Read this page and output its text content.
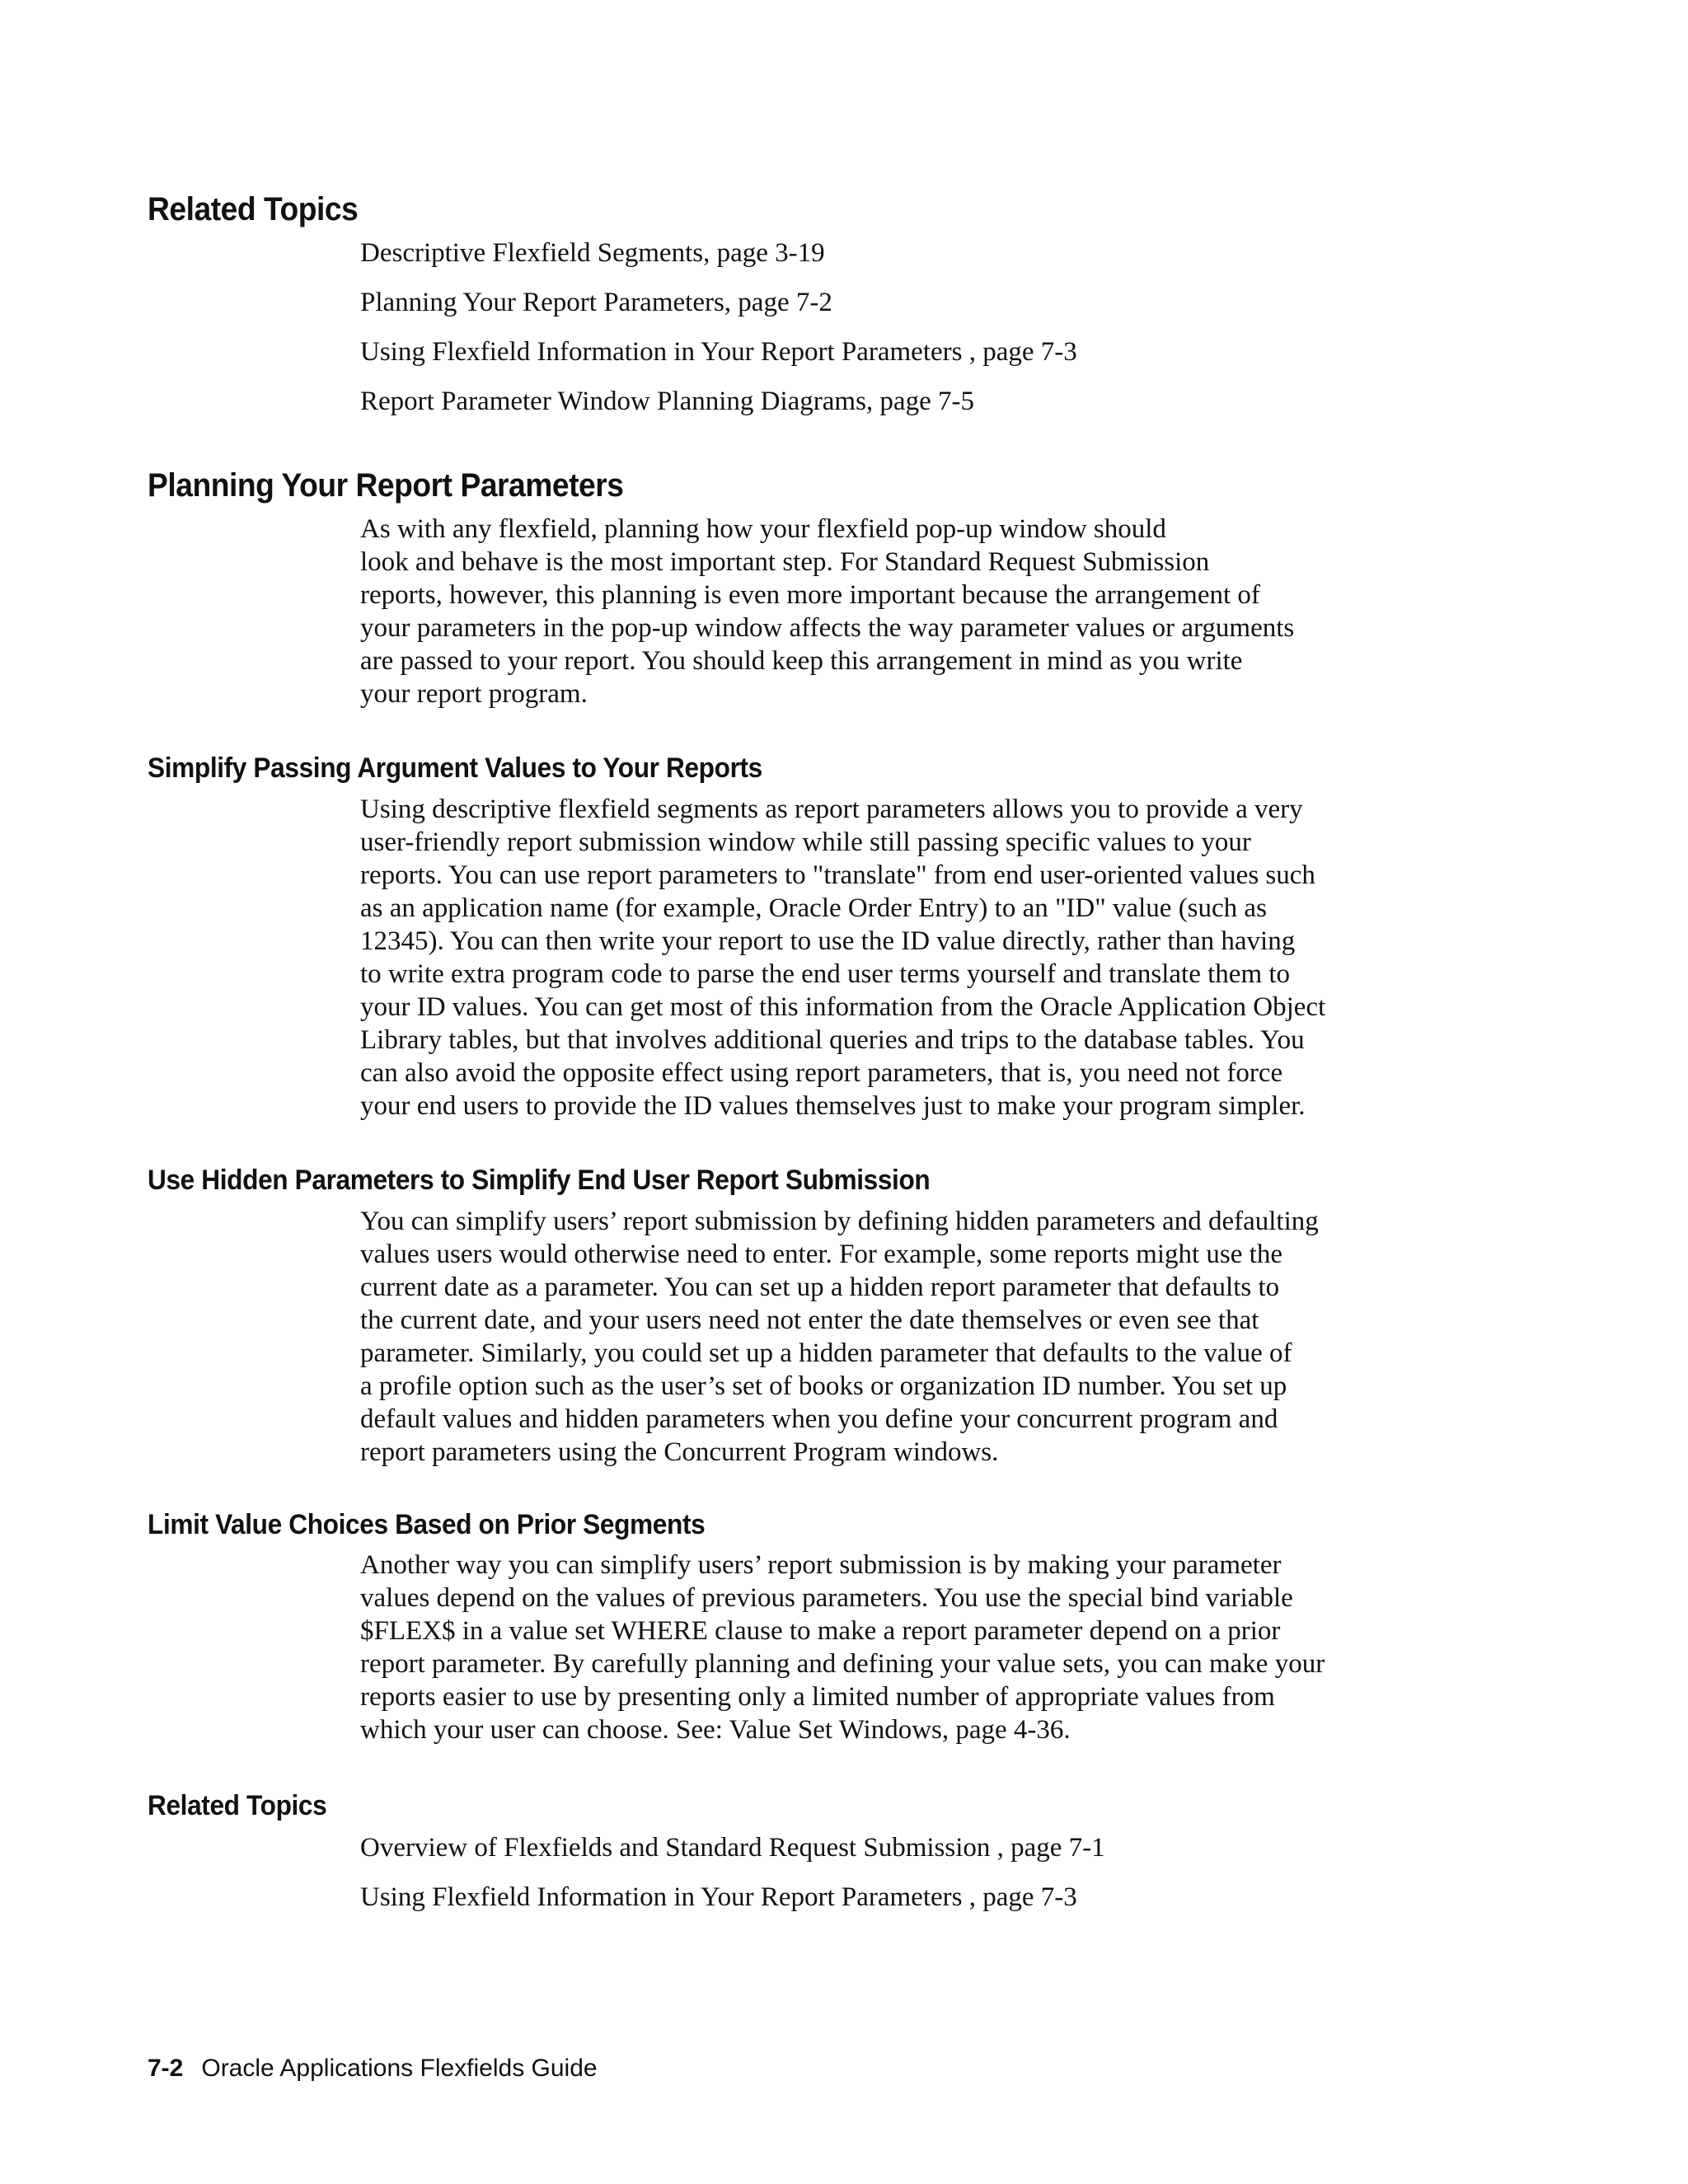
Related Topics
Descriptive Flexfield Segments, page 3-19
Planning Your Report Parameters, page 7-2
Using Flexfield Information in Your Report Parameters , page 7-3
Report Parameter Window Planning Diagrams, page 7-5
Planning Your Report Parameters
As with any flexfield, planning how your flexfield pop-up window should
look and behave is the most important step. For Standard Request Submission
reports, however, this planning is even more important because the arrangement of
your parameters in the pop-up window affects the way parameter values or arguments
are passed to your report. You should keep this arrangement in mind as you write
your report program.
Simplify Passing Argument Values to Your Reports
Using descriptive flexfield segments as report parameters allows you to provide a very
user-friendly report submission window while still passing specific values to your
reports. You can use report parameters to "translate" from end user-oriented values such
as an application name (for example, Oracle Order Entry) to an "ID" value (such as
12345). You can then write your report to use the ID value directly, rather than having
to write extra program code to parse the end user terms yourself and translate them to
your ID values. You can get most of this information from the Oracle Application Object
Library tables, but that involves additional queries and trips to the database tables. You
can also avoid the opposite effect using report parameters, that is, you need not force
your end users to provide the ID values themselves just to make your program simpler.
Use Hidden Parameters to Simplify End User Report Submission
You can simplify users’ report submission by defining hidden parameters and defaulting
values users would otherwise need to enter. For example, some reports might use the
current date as a parameter. You can set up a hidden report parameter that defaults to
the current date, and your users need not enter the date themselves or even see that
parameter. Similarly, you could set up a hidden parameter that defaults to the value of
a profile option such as the user’s set of books or organization ID number. You set up
default values and hidden parameters when you define your concurrent program and
report parameters using the Concurrent Program windows.
Limit Value Choices Based on Prior Segments
Another way you can simplify users’ report submission is by making your parameter
values depend on the values of previous parameters. You use the special bind variable
$FLEX$ in a value set WHERE clause to make a report parameter depend on a prior
report parameter. By carefully planning and defining your value sets, you can make your
reports easier to use by presenting only a limited number of appropriate values from
which your user can choose. See: Value Set Windows, page 4-36.
Related Topics
Overview of Flexfields and Standard Request Submission , page 7-1
Using Flexfield Information in Your Report Parameters , page 7-3
7-2 Oracle Applications Flexfields Guide
